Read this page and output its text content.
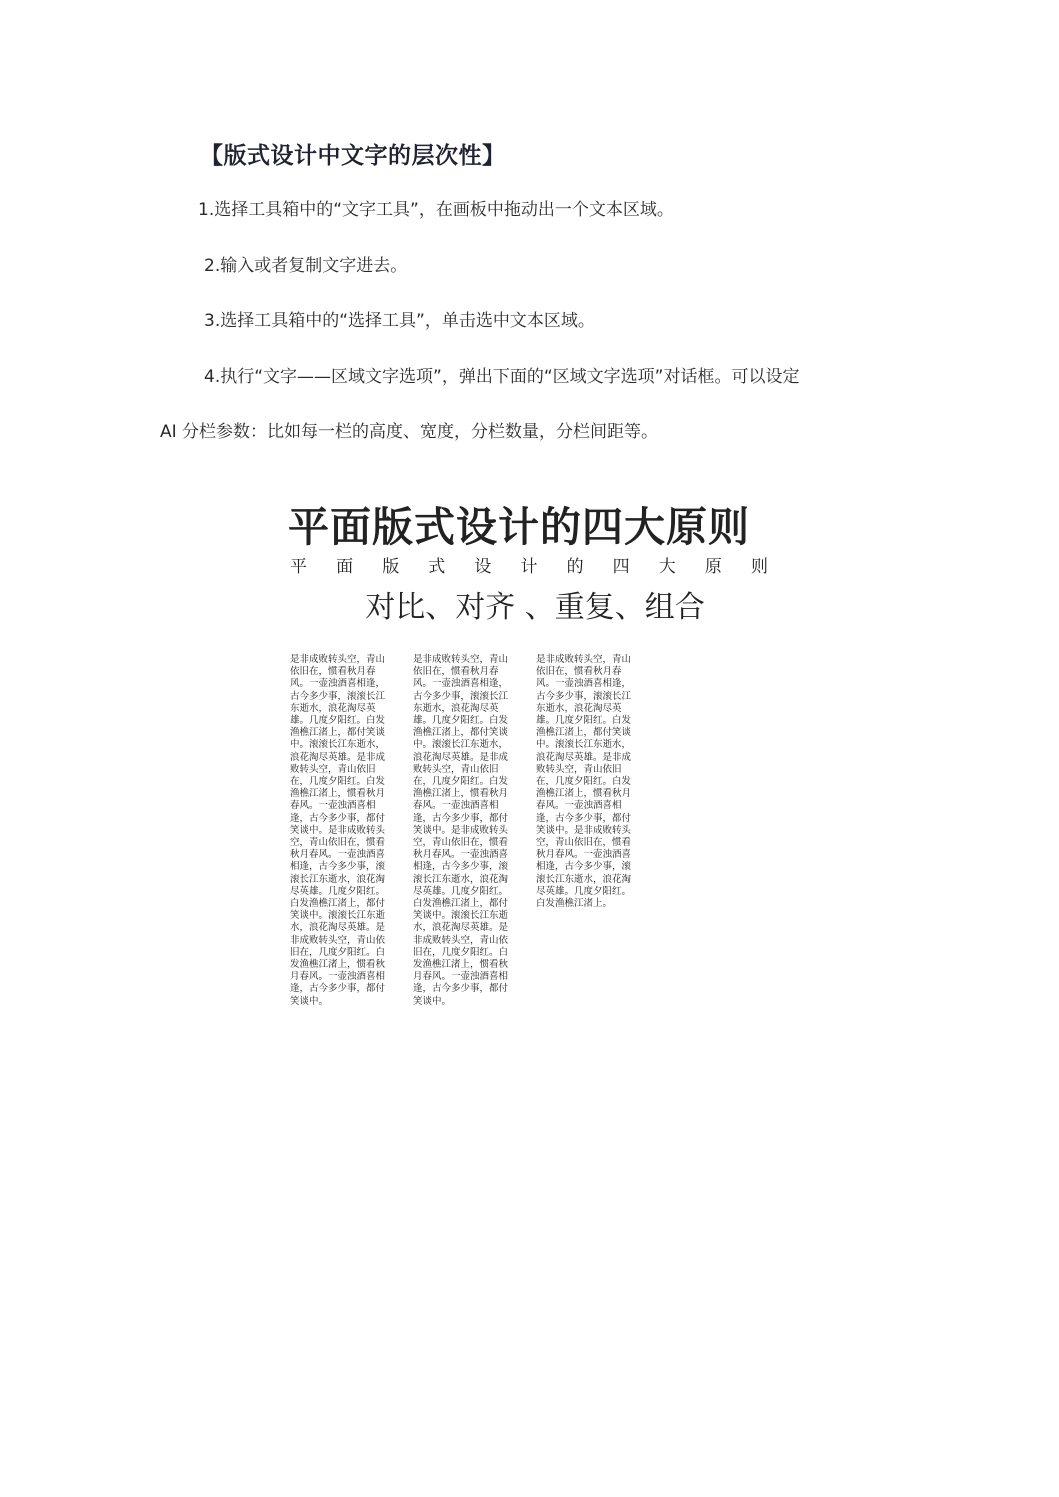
【版式设计中文字的层次性】
1.选择工具箱中的“文字工具”，在画板中拖动出一个文本区域。
2.输入或者复制文字进去。
3.选择工具箱中的“选择工具”，单击选中文本区域。
4.执行“文字——区域文字选项”，弹出下面的“区域文字选项”对话框。可以设定
AI 分栏参数：比如每一栏的高度、宽度，分栏数量，分栏间距等。
平面版式设计的四大原则
平 面 版 式 设 计 的 四 大 原 则
对比、对齐 、重复、组合
是非成败转头空，青山依旧在，惯看秋月春风。一壶浊酒喜相逢，古今多少事，滚滚长江东逝水，浪花淘尽英雄。几度夕阳红。白发渔樵江渚上，都付笑谈中。滚滚长江东逝水，浪花淘尽英雄。是非成败转头空，青山依旧在，几度夕阳红。白发渔樵江渚上，惯看秋月春风。一壶浊酒喜相逢，古今多少事，都付笑谈中。是非成败转头空，青山依旧在，惯看秋月春风。一壶浊酒喜相逢，古今多少事，滚滚长江东逝水，浪花淘尽英雄。几度夕阳红。白发渔樵江渚上，都付笑谈中。滚滚长江东逝水，浪花淘尽英雄。是非成败转头空，青山依旧在，几度夕阳红。白发渔樵江渚上，惯看秋月春风。一壶浊酒喜相逢，古今多少事，都付笑谈中。
是非成败转头空，青山依旧在，惯看秋月春风。一壶浊酒喜相逢，古今多少事，滚滚长江东逝水，浪花淘尽英雄。几度夕阳红。白发渔樵江渚上，都付笑谈中。滚滚长江东逝水，浪花淘尽英雄。是非成败转头空，青山依旧在，几度夕阳红。白发渔樵江渚上，惯看秋月春风。一壶浊酒喜相逢，古今多少事，都付笑谈中。是非成败转头空，青山依旧在，惯看秋月春风。一壶浊酒喜相逢，古今多少事，滚滚长江东逝水，浪花淘尽英雄。几度夕阳红。白发渔樵江渚上，都付笑谈中。滚滚长江东逝水，浪花淘尽英雄。是非成败转头空，青山依旧在，几度夕阳红。白发渔樵江渚上，惯看秋月春风。一壶浊酒喜相逢，古今多少事，都付笑谈中。
是非成败转头空，青山依旧在，惯看秋月春风。一壶浊酒喜相逢，古今多少事，滚滚长江东逝水，浪花淘尽英雄。几度夕阳红。白发渔樵江渚上，都付笑谈中。滚滚长江东逝水，浪花淘尽英雄。是非成败转头空，青山依旧在，几度夕阳红。白发渔樵江渚上，惯看秋月春风。一壶浊酒喜相逢，古今多少事，都付笑谈中。是非成败转头空，青山依旧在，惯看秋月春风。一壶浊酒喜相逢，古今多少事，滚滚长江东逝水，浪花淘尽英雄。几度夕阳红。白发渔樵江渚上。
